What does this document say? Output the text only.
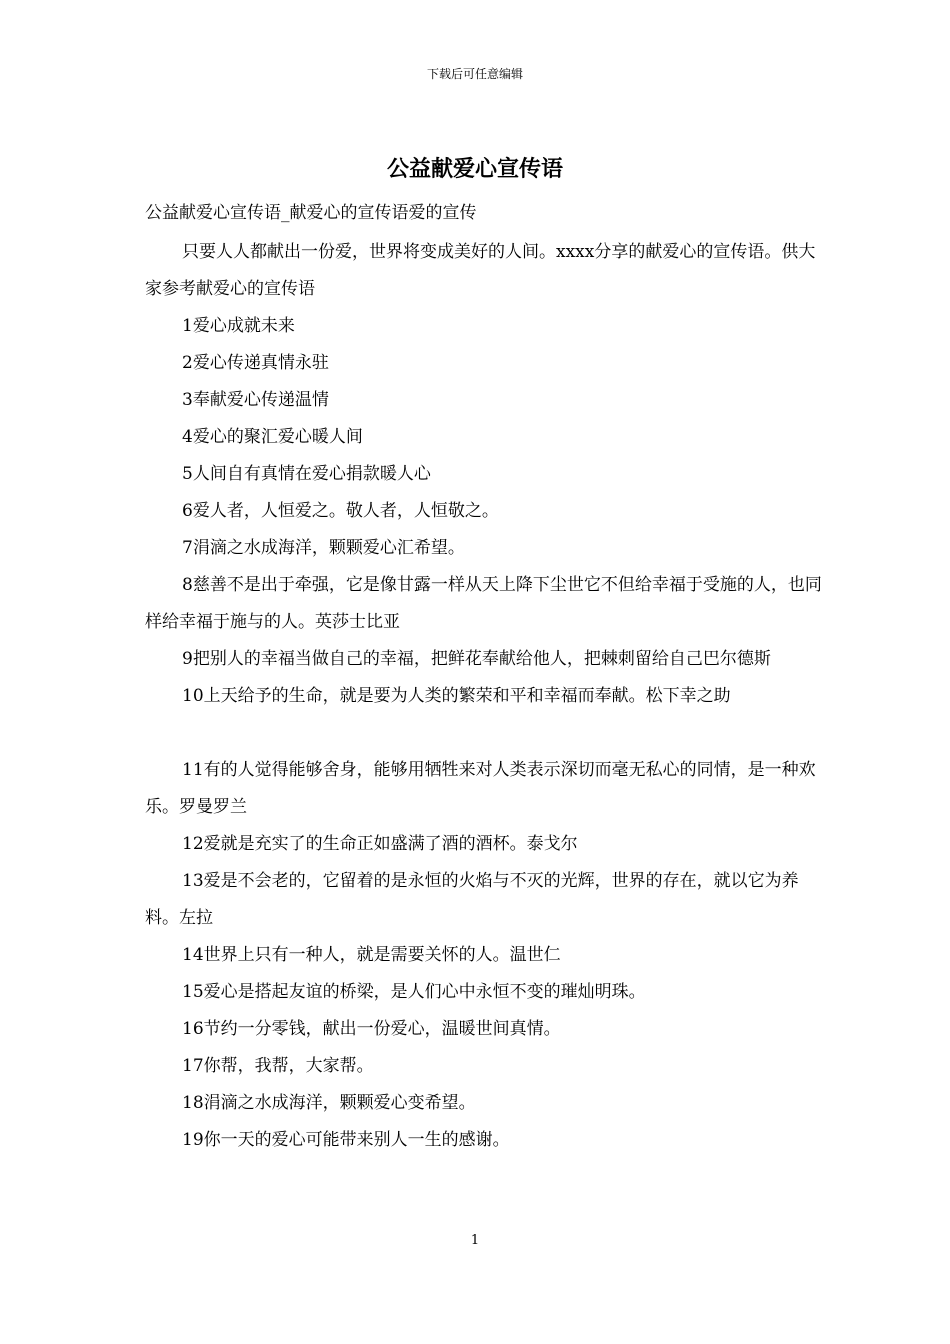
下载后可任意编辑
公益献爱心宣传语
公益献爱心宣传语_献爱心的宣传语爱的宣传

只要人人都献出一份爱，世界将变成美好的人间。xxxx分享的献爱心的宣传语。供大家参考献爱心的宣传语

1爱心成就未来

2爱心传递真情永驻

3奉献爱心传递温情

4爱心的聚汇爱心暖人间

5人间自有真情在爱心捐款暖人心

6爱人者，人恒爱之。敬人者，人恒敬之。

7涓滴之水成海洋，颗颗爱心汇希望。

8慈善不是出于牵强，它是像甘露一样从天上降下尘世它不但给幸福于受施的人，也同样给幸福于施与的人。英莎士比亚

9把别人的幸福当做自己的幸福，把鲜花奉献给他人，把棘刺留给自己巴尔德斯

10上天给予的生命，就是要为人类的繁荣和平和幸福而奉献。松下幸之助

11有的人觉得能够舍身，能够用牺牲来对人类表示深切而毫无私心的同情，是一种欢乐。罗曼罗兰

12爱就是充实了的生命正如盛满了酒的酒杯。泰戈尔

13爱是不会老的，它留着的是永恒的火焰与不灭的光辉，世界的存在，就以它为养料。左拉

14世界上只有一种人，就是需要关怀的人。温世仁

15爱心是搭起友谊的桥梁，是人们心中永恒不变的璀灿明珠。

16节约一分零钱，献出一份爱心，温暖世间真情。

17你帮，我帮，大家帮。

18涓滴之水成海洋，颗颗爱心变希望。

19你一天的爱心可能带来别人一生的感谢。

1
